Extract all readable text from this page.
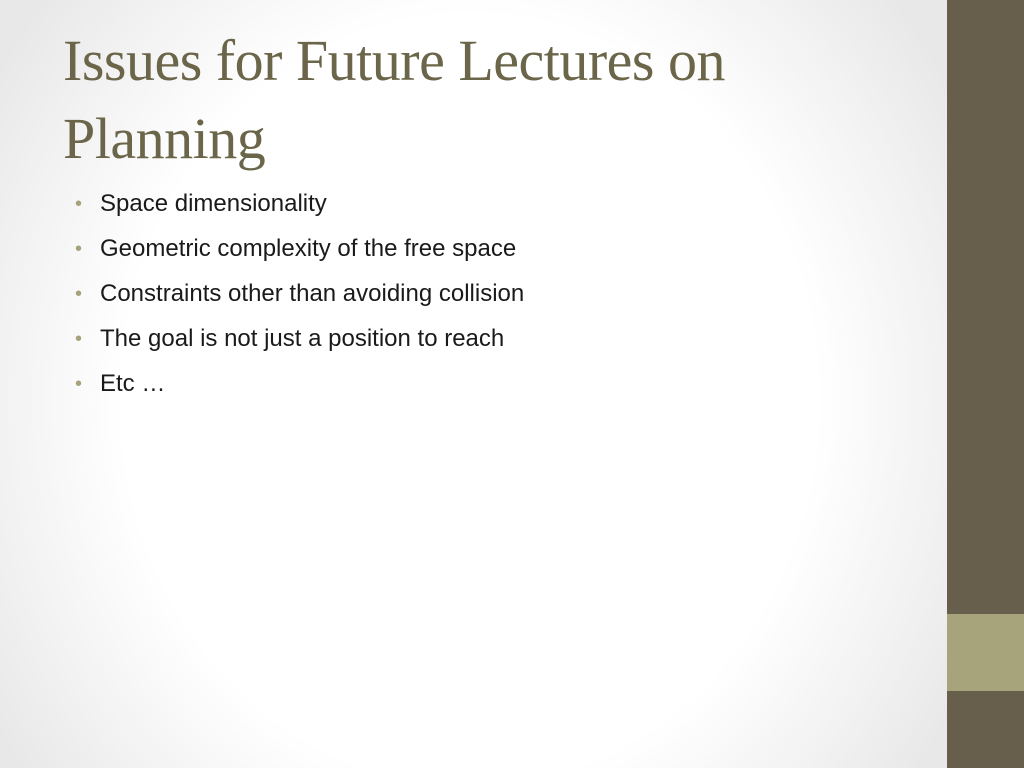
Issues for Future Lectures on Planning
• Space dimensionality
• Geometric complexity of the free space
• Constraints other than avoiding collision
• The goal is not just a position to reach
• Etc …
